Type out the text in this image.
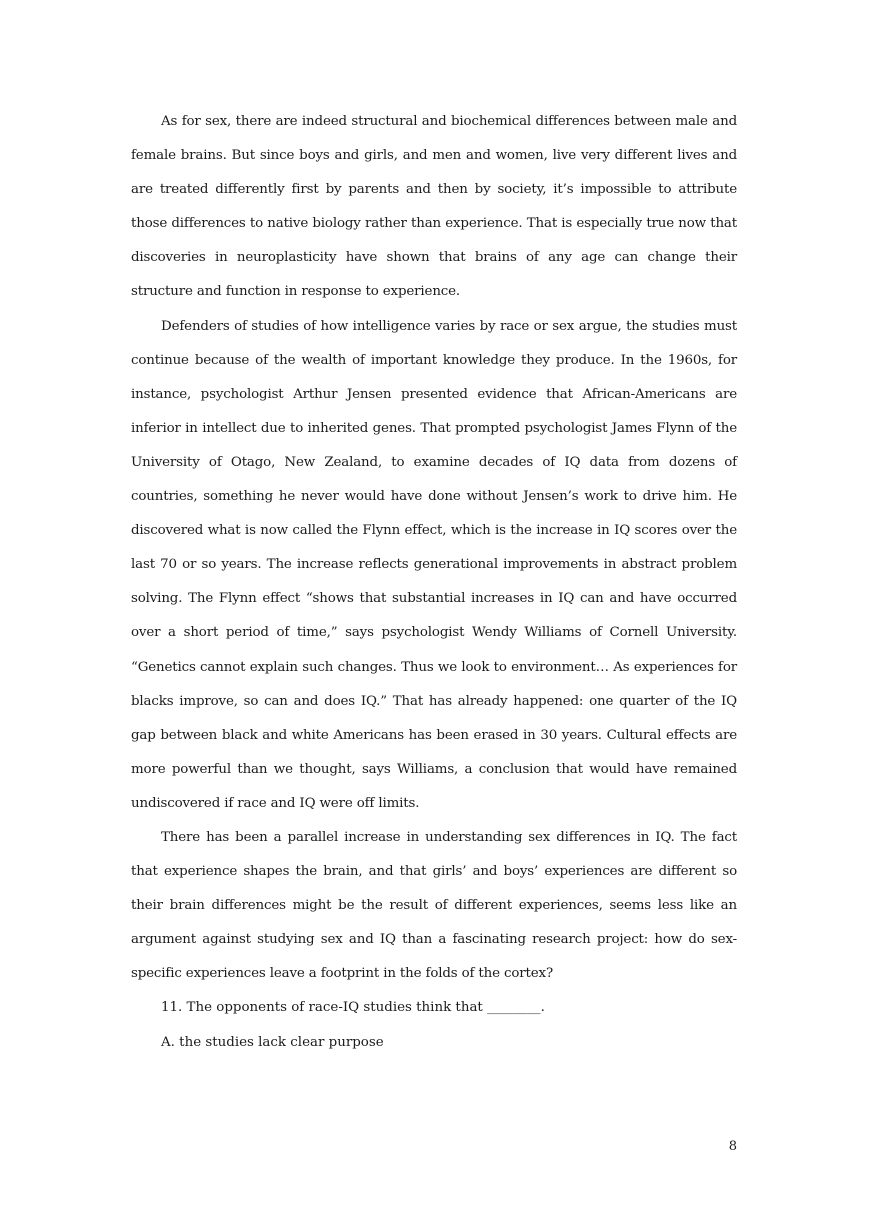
As for sex, there are indeed structural and biochemical differences between male and female brains. But since boys and girls, and men and women, live very different lives and are treated differently first by parents and then by society, it’s impossible to attribute those differences to native biology rather than experience. That is especially true now that discoveries in neuroplasticity have shown that brains of any age can change their structure and function in response to experience.

Defenders of studies of how intelligence varies by race or sex argue, the studies must continue because of the wealth of important knowledge they produce. In the 1960s, for instance, psychologist Arthur Jensen presented evidence that African-Americans are inferior in intellect due to inherited genes. That prompted psychologist James Flynn of the University of Otago, New Zealand, to examine decades of IQ data from dozens of countries, something he never would have done without Jensen’s work to drive him. He discovered what is now called the Flynn effect, which is the increase in IQ scores over the last 70 or so years. The increase reflects generational improvements in abstract problem solving. The Flynn effect “shows that substantial increases in IQ can and have occurred over a short period of time,” says psychologist Wendy Williams of Cornell University. “Genetics cannot explain such changes. Thus we look to environment… As experiences for blacks improve, so can and does IQ.” That has already happened: one quarter of the IQ gap between black and white Americans has been erased in 30 years. Cultural effects are more powerful than we thought, says Williams, a conclusion that would have remained undiscovered if race and IQ were off limits.

There has been a parallel increase in understanding sex differences in IQ. The fact that experience shapes the brain, and that girls’ and boys’ experiences are different so their brain differences might be the result of different experiences, seems less like an argument against studying sex and IQ than a fascinating research project: how do sex-specific experiences leave a footprint in the folds of the cortex?

11. The opponents of race-IQ studies think that ________.

A. the studies lack clear purpose

8
